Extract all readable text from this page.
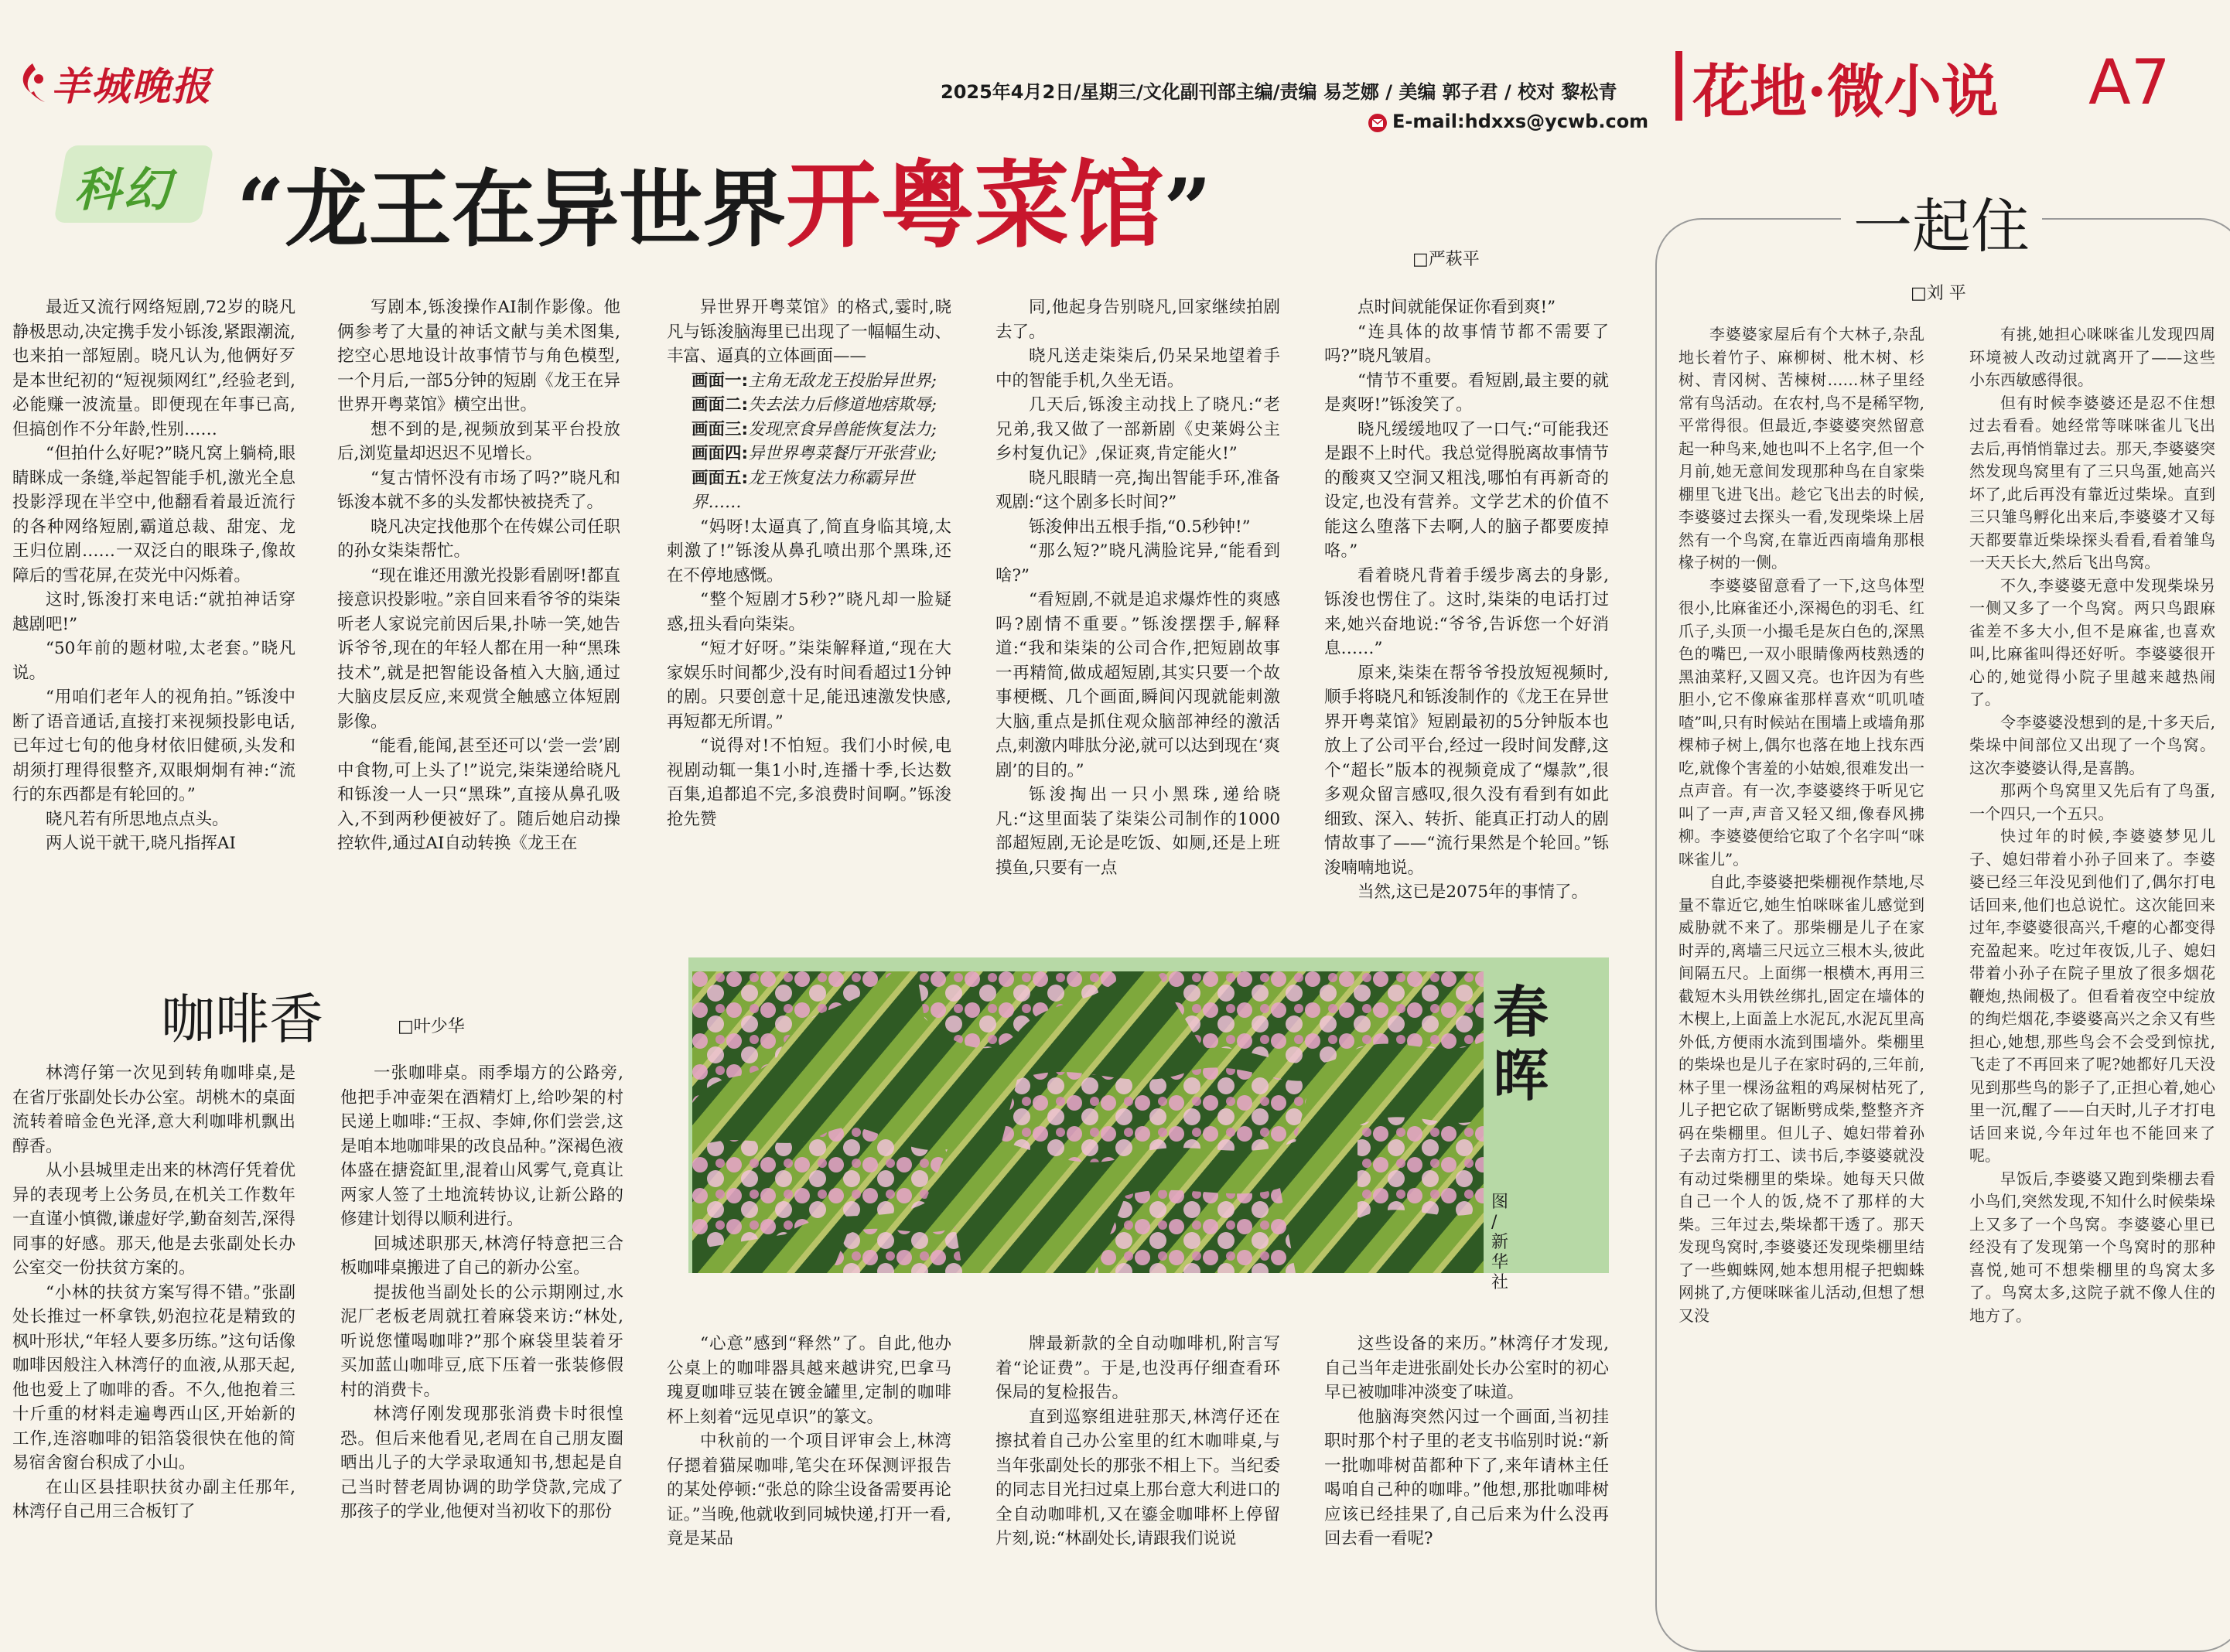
羊城晚报	2025年4月2日/星期三/文化副刊部主编/责编 易芝娜 / 美编 郭子君 / 校对 黎松青
E-mail:hdxxs@ycwb.com 花地·微小说 A7
科幻 “龙王在异世界开粤菜馆”
□严萩平

最近又流行网络短剧,72岁的晓凡静极思动,决定携手发小铄浚,紧跟潮流,也来拍一部短剧。晓凡认为,他俩好歹是本世纪初的“短视频网红”,经验老到,必能赚一波流量。即便现在年事已高,但搞创作不分年龄,性别……

“但拍什么好呢?”晓凡窝上躺椅,眼睛眯成一条缝,举起智能手机,激光全息投影浮现在半空中,他翻看着最近流行的各种网络短剧,霸道总裁、甜宠、龙王归位剧……一双泛白的眼珠子,像故障后的雪花屏,在荧光中闪烁着。

这时,铄浚打来电话:“就拍神话穿越剧吧!”

“50年前的题材啦,太老套。”晓凡说。

“用咱们老年人的视角拍。”铄浚中断了语音通话,直接打来视频投影电话,已年过七旬的他身材依旧健硕,头发和胡须打理得很整齐,双眼炯炯有神:“流行的东西都是有轮回的。”

晓凡若有所思地点点头。

两人说干就干,晓凡指挥AI

写剧本,铄浚操作AI制作影像。他俩参考了大量的神话文献与美术图集,挖空心思地设计故事情节与角色模型,一个月后,一部5分钟的短剧《龙王在异世界开粤菜馆》横空出世。

想不到的是,视频放到某平台投放后,浏览量却迟迟不见增长。

“复古情怀没有市场了吗?”晓凡和铄浚本就不多的头发都快被挠秃了。

晓凡决定找他那个在传媒公司任职的孙女柒柒帮忙。

“现在谁还用激光投影看剧呀!都直接意识投影啦。”亲自回来看爷爷的柒柒听老人家说完前因后果,扑哧一笑,她告诉爷爷,现在的年轻人都在用一种“黑珠技术”,就是把智能设备植入大脑,通过大脑皮层反应,来观赏全触感立体短剧影像。

“能看,能闻,甚至还可以‘尝一尝’剧中食物,可上头了!”说完,柒柒递给晓凡和铄浚一人一只“黑珠”,直接从鼻孔吸入,不到两秒便被好了。随后她启动操控软件,通过AI自动转换《龙王在

异世界开粤菜馆》的格式,霎时,晓凡与铄浚脑海里已出现了一幅幅生动、丰富、逼真的立体画面——

画面一:主角无敌龙王投胎异世界;

画面二:失去法力后修道地痞欺辱;

画面三:发现烹食异兽能恢复法力;

画面四:异世界粤菜餐厅开张营业;

画面五:龙王恢复法力称霸异世界……

“妈呀!太逼真了,简直身临其境,太刺激了!”铄浚从鼻孔喷出那个黑珠,还在不停地感慨。

“整个短剧才5秒?”晓凡却一脸疑惑,扭头看向柒柒。

“短才好呀。”柒柒解释道,“现在大家娱乐时间都少,没有时间看超过1分钟的剧。只要创意十足,能迅速激发快感,再短都无所谓。”

“说得对!不怕短。我们小时候,电视剧动辄一集1小时,连播十季,长达数百集,追都追不完,多浪费时间啊。”铄浚抢先赞

同,他起身告别晓凡,回家继续拍剧去了。

晓凡送走柒柒后,仍呆呆地望着手中的智能手机,久坐无语。

几天后,铄浚主动找上了晓凡:“老兄弟,我又做了一部新剧《史莱姆公主乡村复仇记》,保证爽,肯定能火!”

晓凡眼睛一亮,掏出智能手环,准备观剧:“这个剧多长时间?”

铄浚伸出五根手指,“0.5秒钟!”

“那么短?”晓凡满脸诧异,“能看到啥?”

“看短剧,不就是追求爆炸性的爽感吗?剧情不重要。”铄浚摆摆手,解释道:“我和柒柒的公司合作,把短剧故事一再精简,做成超短剧,其实只要一个故事梗概、几个画面,瞬间闪现就能刺激大脑,重点是抓住观众脑部神经的激活点,刺激内啡肽分泌,就可以达到现在‘爽剧’的目的。”

铄浚掏出一只小黑珠,递给晓凡:“这里面装了柒柒公司制作的1000部超短剧,无论是吃饭、如厕,还是上班摸鱼,只要有一点

点时间就能保证你看到爽!”

“连具体的故事情节都不需要了吗?”晓凡皱眉。

“情节不重要。看短剧,最主要的就是爽呀!”铄浚笑了。

晓凡缓缓地叹了一口气:“可能我还是跟不上时代。我总觉得脱离故事情节的酸爽又空洞又粗浅,哪怕有再新奇的设定,也没有营养。文学艺术的价值不能这么堕落下去啊,人的脑子都要废掉咯。”

看着晓凡背着手缓步离去的身影,铄浚也愣住了。这时,柒柒的电话打过来,她兴奋地说:“爷爷,告诉您一个好消息……”

原来,柒柒在帮爷爷投放短视频时,顺手将晓凡和铄浚制作的《龙王在异世界开粤菜馆》短剧最初的5分钟版本也放上了公司平台,经过一段时间发酵,这个“超长”版本的视频竟成了“爆款”,很多观众留言感叹,很久没有看到有如此细致、深入、转折、能真正打动人的剧情故事了——“流行果然是个轮回。”铄浚喃喃地说。

当然,这已是2075年的事情了。

咖啡香	□叶少华	春
晖
图
/
新
华
社

林湾仔第一次见到转角咖啡桌,是在省厅张副处长办公室。胡桃木的桌面流转着暗金色光泽,意大利咖啡机飘出醇香。

从小县城里走出来的林湾仔凭着优异的表现考上公务员,在机关工作数年一直谨小慎微,谦虚好学,勤奋刻苦,深得同事的好感。那天,他是去张副处长办公室交一份扶贫方案的。

“小林的扶贫方案写得不错。”张副处长推过一杯拿铁,奶泡拉花是精致的枫叶形状,“年轻人要多历练。”这句话像咖啡因般注入林湾仔的血液,从那天起,他也爱上了咖啡的香。不久,他抱着三十斤重的材料走遍粤西山区,开始新的工作,连溶咖啡的铝箔袋很快在他的简易宿舍窗台积成了小山。

在山区县挂职扶贫办副主任那年,林湾仔自己用三合板钉了

一张咖啡桌。雨季塌方的公路旁,他把手冲壶架在酒精灯上,给吵架的村民递上咖啡:“王叔、李婶,你们尝尝,这是咱本地咖啡果的改良品种。”深褐色液体盛在搪瓷缸里,混着山风雾气,竟真让两家人签了土地流转协议,让新公路的修建计划得以顺利进行。

回城述职那天,林湾仔特意把三合板咖啡桌搬进了自己的新办公室。

提拔他当副处长的公示期刚过,水泥厂老板老周就扛着麻袋来访:“林处,听说您懂喝咖啡?”那个麻袋里装着牙买加蓝山咖啡豆,底下压着一张装修假村的消费卡。

林湾仔刚发现那张消费卡时很惶恐。但后来他看见,老周在自己朋友圈晒出儿子的大学录取通知书,想起是自己当时替老周协调的助学贷款,完成了那孩子的学业,他便对当初收下的那份

“心意”感到“释然”了。自此,他办公桌上的咖啡器具越来越讲究,巴拿马瑰夏咖啡豆装在镀金罐里,定制的咖啡杯上刻着“远见卓识”的篆文。

中秋前的一个项目评审会上,林湾仔摁着猫屎咖啡,笔尖在环保测评报告的某处停顿:“张总的除尘设备需要再论证。”当晚,他就收到同城快递,打开一看,竟是某品

牌最新款的全自动咖啡机,附言写着“论证费”。于是,也没再仔细查看环保局的复检报告。

直到巡察组进驻那天,林湾仔还在擦拭着自己办公室里的红木咖啡桌,与当年张副处长的那张不相上下。当纪委的同志目光扫过桌上那台意大利进口的全自动咖啡机,又在鎏金咖啡杯上停留片刻,说:“林副处长,请跟我们说说

这些设备的来历。”林湾仔才发现,自己当年走进张副处长办公室时的初心早已被咖啡冲淡变了味道。

他脑海突然闪过一个画面,当初挂职时那个村子里的老支书临别时说:“新一批咖啡树苗都种下了,来年请林主任喝咱自己种的咖啡。”他想,那批咖啡树应该已经挂果了,自己后来为什么没再回去看一看呢?

一起住
□刘 平

李婆婆家屋后有个大林子,杂乱地长着竹子、麻柳树、枇木树、杉树、青冈树、苦楝树……林子里经常有鸟活动。在农村,鸟不是稀罕物,平常得很。但最近,李婆婆突然留意起一种鸟来,她也叫不上名字,但一个月前,她无意间发现那种鸟在自家柴棚里飞进飞出。趁它飞出去的时候,李婆婆过去探头一看,发现柴垛上居然有一个鸟窝,在靠近西南墙角那根椽子树的一侧。

李婆婆留意看了一下,这鸟体型很小,比麻雀还小,深褐色的羽毛、红爪子,头顶一小撮毛是灰白色的,深黑色的嘴巴,一双小眼睛像两枝熟透的黑油菜籽,又圆又亮。也许因为有些胆小,它不像麻雀那样喜欢“叽叽喳喳”叫,只有时候站在围墙上或墙角那棵柿子树上,偶尔也落在地上找东西吃,就像个害羞的小姑娘,很难发出一点声音。有一次,李婆婆终于听见它叫了一声,声音又轻又细,像春风拂柳。李婆婆便给它取了个名字叫“咪咪雀儿”。

自此,李婆婆把柴棚视作禁地,尽量不靠近它,她生怕咪咪雀儿感觉到威胁就不来了。那柴棚是儿子在家时弄的,离墙三尺远立三根木头,彼此间隔五尺。上面绑一根横木,再用三截短木头用铁丝绑扎,固定在墙体的木楔上,上面盖上水泥瓦,水泥瓦里高外低,方便雨水流到围墙外。柴棚里的柴垛也是儿子在家时码的,三年前,林子里一棵汤盆粗的鸡屎树枯死了,儿子把它砍了锯断劈成柴,整整齐齐码在柴棚里。但儿子、媳妇带着孙子去南方打工、读书后,李婆婆就没有动过柴棚里的柴垛。她每天只做自己一个人的饭,烧不了那样的大柴。三年过去,柴垛都干透了。那天发现鸟窝时,李婆婆还发现柴棚里结了一些蜘蛛网,她本想用棍子把蜘蛛网挑了,方便咪咪雀儿活动,但想了想又没

有挑,她担心咪咪雀儿发现四周环境被人改动过就离开了——这些小东西敏感得很。

但有时候李婆婆还是忍不住想过去看看。她经常等咪咪雀儿飞出去后,再悄悄靠过去。那天,李婆婆突然发现鸟窝里有了三只鸟蛋,她高兴坏了,此后再没有靠近过柴垛。直到三只雏鸟孵化出来后,李婆婆才又每天都要靠近柴垛探头看看,看着雏鸟一天天长大,然后飞出鸟窝。

不久,李婆婆无意中发现柴垛另一侧又多了一个鸟窝。两只鸟跟麻雀差不多大小,但不是麻雀,也喜欢叫,比麻雀叫得还好听。李婆婆很开心的,她觉得小院子里越来越热闹了。

令李婆婆没想到的是,十多天后,柴垛中间部位又出现了一个鸟窝。这次李婆婆认得,是喜鹊。

那两个鸟窝里又先后有了鸟蛋,一个四只,一个五只。

快过年的时候,李婆婆梦见儿子、媳妇带着小孙子回来了。李婆婆已经三年没见到他们了,偶尔打电话回来,他们也总说忙。这次能回来过年,李婆婆很高兴,千瘪的心都变得充盈起来。吃过年夜饭,儿子、媳妇带着小孙子在院子里放了很多烟花鞭炮,热闹极了。但看着夜空中绽放的绚烂烟花,李婆婆高兴之余又有些担心,她想,那些鸟会不会受到惊扰,飞走了不再回来了呢?她都好几天没见到那些鸟的影子了,正担心着,她心里一沉,醒了——白天时,儿子才打电话回来说,今年过年也不能回来了呢。

早饭后,李婆婆又跑到柴棚去看小鸟们,突然发现,不知什么时候柴垛上又多了一个鸟窝。李婆婆心里已经没有了发现第一个鸟窝时的那种喜悦,她可不想柴棚里的鸟窝太多了。鸟窝太多,这院子就不像人住的地方了。
